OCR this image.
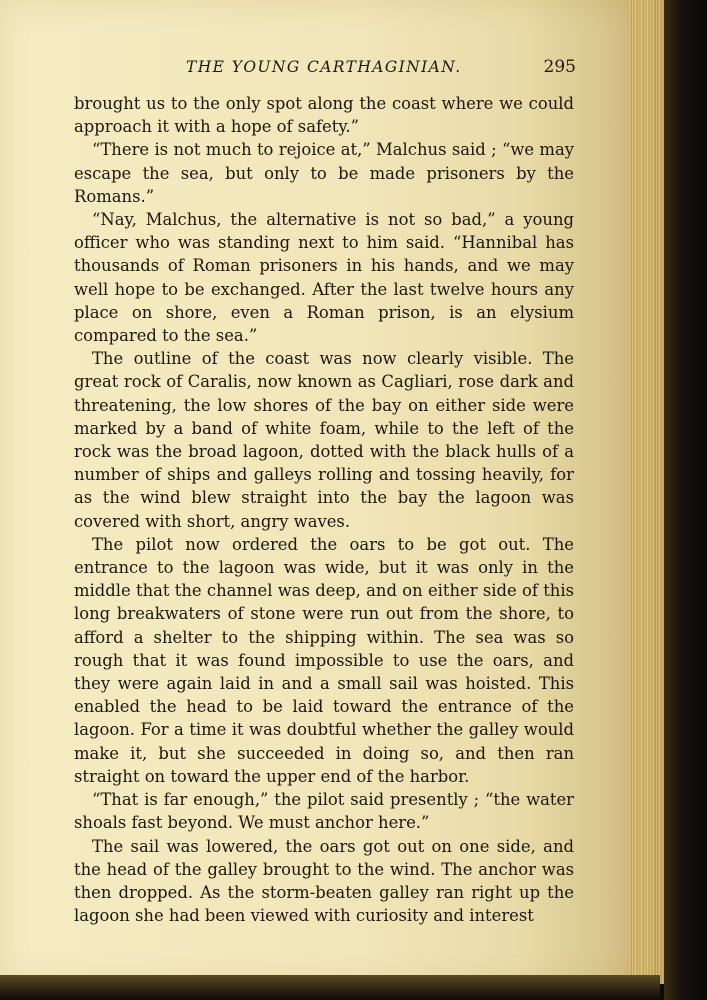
THE YOUNG CARTHAGINIAN.	295

brought us to the only spot along the coast where we could approach it with a hope of safety.”

“There is not much to rejoice at,” Malchus said ; “we may escape the sea, but only to be made prisoners by the Romans.”

“Nay, Malchus, the alternative is not so bad,” a young officer who was standing next to him said. “Hannibal has thousands of Roman prisoners in his hands, and we may well hope to be exchanged. After the last twelve hours any place on shore, even a Roman prison, is an elysium compared to the sea.”

The outline of the coast was now clearly visible. The great rock of Caralis, now known as Cagliari, rose dark and threatening, the low shores of the bay on either side were marked by a band of white foam, while to the left of the rock was the broad lagoon, dotted with the black hulls of a number of ships and galleys rolling and tossing heavily, for as the wind blew straight into the bay the lagoon was covered with short, angry waves.

The pilot now ordered the oars to be got out. The entrance to the lagoon was wide, but it was only in the middle that the channel was deep, and on either side of this long breakwaters of stone were run out from the shore, to afford a shelter to the shipping within. The sea was so rough that it was found impossible to use the oars, and they were again laid in and a small sail was hoisted. This enabled the head to be laid toward the entrance of the lagoon. For a time it was doubtful whether the galley would make it, but she succeeded in doing so, and then ran straight on toward the upper end of the harbor.

“That is far enough,” the pilot said presently ; “the water shoals fast beyond. We must anchor here.”

The sail was lowered, the oars got out on one side, and the head of the galley brought to the wind. The anchor was then dropped. As the storm-beaten galley ran right up the lagoon she had been viewed with curiosity and interest
